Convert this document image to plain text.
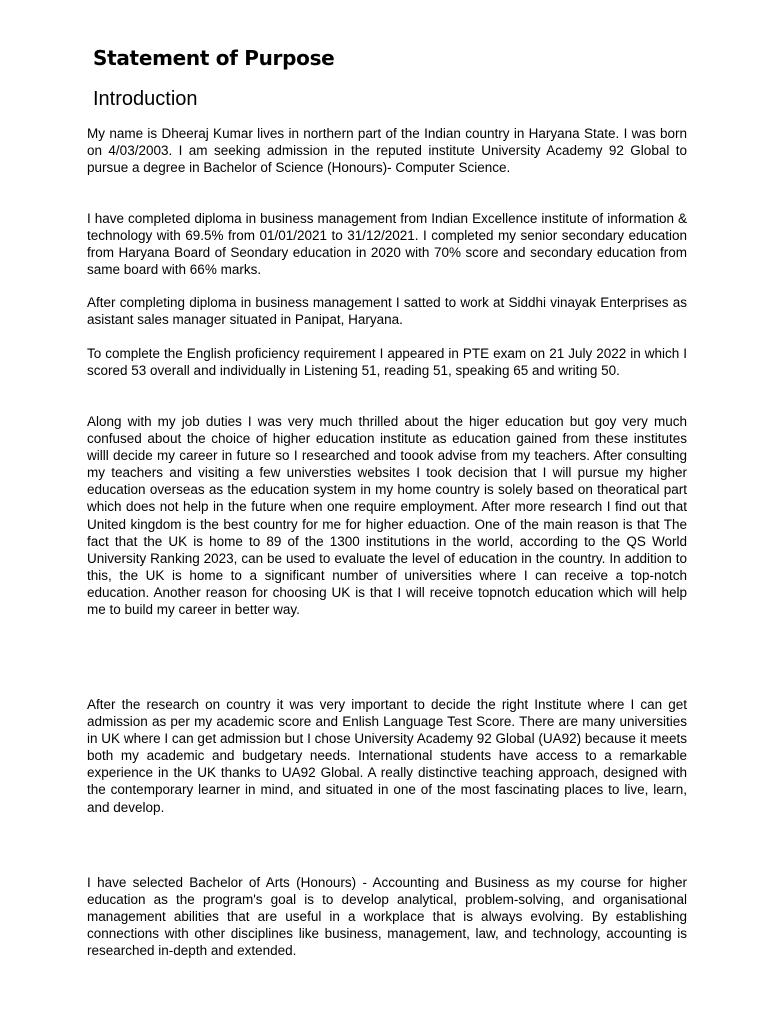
Statement of Purpose
Introduction

My name is Dheeraj Kumar lives in northern part of the Indian country in Haryana State. I was born on 4/03/2003. I am seeking admission in the reputed institute University Academy 92 Global to pursue a degree in Bachelor of Science (Honours)- Computer Science.

I have completed diploma in business management from Indian Excellence institute of information & technology with 69.5% from 01/01/2021 to 31/12/2021. I completed my senior secondary education from Haryana Board of Seondary education in 2020 with 70% score and secondary education from same board with 66% marks.

After completing diploma in business management I satted to work at Siddhi vinayak Enterprises as asistant sales manager situated in Panipat, Haryana.

To complete the English proficiency requirement I appeared in PTE exam on 21 July 2022 in which I scored 53 overall and individually in Listening 51, reading 51, speaking 65 and writing 50.

Along with my job duties I was very much thrilled about the higer education but goy very much confused about the choice of higher education institute as education gained from these institutes willl decide my career in future so I researched and toook advise from my teachers. After consulting my teachers and visiting a few universties websites I took decision that I will pursue my higher education overseas as the education system in my home country is solely based on theoratical part which does not help in the future when one require employment. After more research I find out that United kingdom is the best country for me for higher eduaction. One of the main reason is that The fact that the UK is home to 89 of the 1300 institutions in the world, according to the QS World University Ranking 2023, can be used to evaluate the level of education in the country. In addition to this, the UK is home to a significant number of universities where I can receive a top-notch education. Another reason for choosing UK is that I will receive topnotch education which will help me to build my career in better way.

After the research on country it was very important to decide the right Institute where I can get admission as per my academic score and Enlish Language Test Score. There are many universities in UK where I can get admission but I chose University Academy 92 Global (UA92) because it meets both my academic and budgetary needs. International students have access to a remarkable experience in the UK thanks to UA92 Global. A really distinctive teaching approach, designed with the contemporary learner in mind, and situated in one of the most fascinating places to live, learn, and develop.

I have selected Bachelor of Arts (Honours) - Accounting and Business as my course for higher education as the program's goal is to develop analytical, problem-solving, and organisational management abilities that are useful in a workplace that is always evolving. By establishing connections with other disciplines like business, management, law, and technology, accounting is researched in-depth and extended.
